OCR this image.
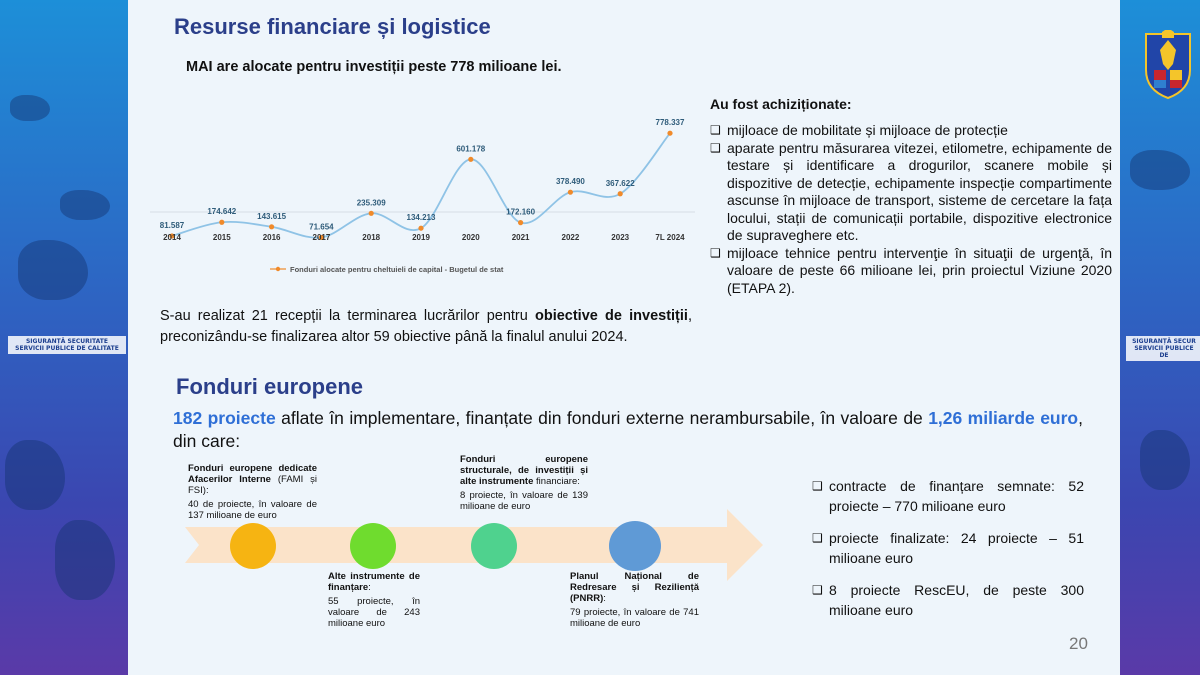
SIGURANȚĂ SECURITATE SERVICII PUBLICE DE CALITATE
SIGURANȚĂ SECUR SERVICII PUBLICE DE
Resurse financiare și logistice
MAI are alocate pentru investiții peste 778 milioane lei.
81.587
2014
174.642
2015
143.615
2016
71.654
2017
235.309
2018
134.213
2019
601.178
2020
172.160
2021
378.490
2022
367.622
2023
778.337
7L 2024
Fonduri alocate pentru cheltuieli de capital - Bugetul de stat
Au fost achiziționate:
❑ mijloace de mobilitate și mijloace de protecție
❑ aparate pentru măsurarea vitezei, etilometre, echipamente de testare și identificare a drogurilor, scanere mobile și dispozitive de detecție, echipamente inspecție compartimente ascunse în mijloace de transport, sisteme de cercetare la fața locului, stații de comunicații portabile, dispozitive electronice de supraveghere etc.
❑ mijloace tehnice pentru intervenţie în situaţii de urgenţă, în valoare de peste 66 milioane lei, prin proiectul Viziune 2020 (ETAPA 2).
S-au realizat 21 recepții la terminarea lucrărilor pentru obiective de investiții, preconizându-se finalizarea altor 59 obiective până la finalul anului 2024.
Fonduri europene
182 proiecte aflate în implementare, finanțate din fonduri externe nerambursabile, în valoare de 1,26 miliarde euro, din care:
Fonduri europene dedicate Afacerilor Interne (FAMI și FSI):

40 de proiecte, în valoare de 137 milioane de euro
Alte instrumente de finanțare:

55 proiecte, în valoare de 243 milioane euro
Fonduri europene structurale, de investiții și alte instrumente financiare:

8 proiecte, în valoare de 139 milioane de euro
Planul Național de Redresare și Reziliență (PNRR):

79 proiecte, în valoare de 741 milioane de euro
❑ contracte de finanțare semnate: 52 proiecte – 770 milioane euro
❑ proiecte finalizate: 24 proiecte – 51 milioane euro
❑ 8 proiecte RescEU, de peste 300 milioane euro
20
